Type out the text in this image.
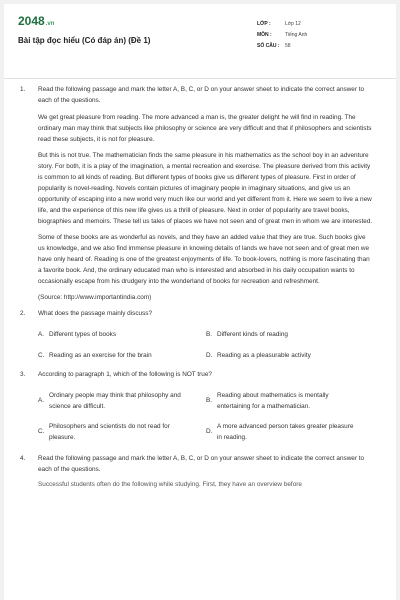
2048.vn
Bài tập đọc hiểu (Có đáp án) (Đề 1)
LỚP :	Lớp 12
MÔN :	Tiếng Anh
SỐ CÂU :	58
1. Read the following passage and mark the letter A, B, C, or D on your answer sheet to indicate the correct answer to each of the questions.

We get great pleasure from reading. The more advanced a man is, the greater delight he will find in reading. The ordinary man may think that subjects like philosophy or science are very difficult and that if philosophers and scientists read these subjects, it is not for pleasure.

But this is not true. The mathematician finds the same pleasure in his mathematics as the school boy in an adventure story. For both, it is a play of the imagination, a mental recreation and exercise. The pleasure derived from this activity is common to all kinds of reading. But different types of books give us different types of pleasure. First in order of popularity is novel-reading. Novels contain pictures of imaginary people in imaginary situations, and give us an opportunity of escaping into a new world very much like our world and yet different from it. Here we seem to live a new life, and the experience of this new life gives us a thrill of pleasure. Next in order of popularity are travel books, biographies and memoirs. These tell us tales of places we have not seen and of great men in whom we are interested.

Some of these books are as wonderful as novels, and they have an added value that they are true. Such books give us knowledge, and we also find immense pleasure in knowing details of lands we have not seen and of great men we have only heard of. Reading is one of the greatest enjoyments of life. To book-lovers, nothing is more fascinating than a favorite book. And, the ordinary educated man who is interested and absorbed in his daily occupation wants to occasionally escape from his drudgery into the wonderland of books for recreation and refreshment.

(Source: http://www.importantindia.com)

2. What does the passage mainly discuss?
A. Different types of books	B. Different kinds of reading
C. Reading as an exercise for the brain	D. Reading as a pleasurable activity
3. According to paragraph 1, which of the following is NOT true?
A.
Ordinary people may think that philosophy and science are difficult.
B.
Reading about mathematics is mentally entertaining for a mathematician.
C.
Philosophers and scientists do not read for pleasure.
D.
A more advanced person takes greater pleasure in reading.
4. Read the following passage and mark the letter A, B, C, or D on your answer sheet to indicate the correct answer to each of the questions.

Successful students often do the following while studying. First, they have an overview before
